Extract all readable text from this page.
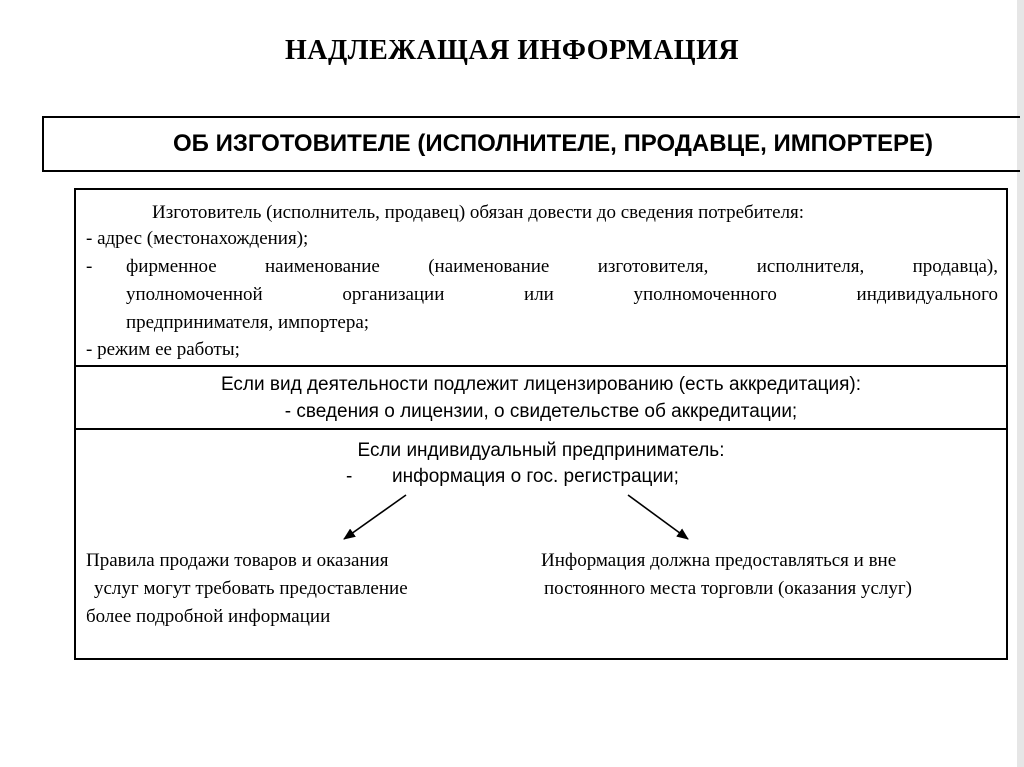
НАДЛЕЖАЩАЯ ИНФОРМАЦИЯ
ОБ ИЗГОТОВИТЕЛЕ (ИСПОЛНИТЕЛЕ, ПРОДАВЦЕ, ИМПОРТЕРЕ)
Изготовитель (исполнитель, продавец) обязан довести до сведения потребителя:
- адрес (местонахождения);
- фирменное наименование (наименование изготовителя, исполнителя, продавца),
уполномоченной организации или уполномоченного индивидуального
предпринимателя, импортера;
- режим ее работы;
Если вид деятельности подлежит лицензированию (есть аккредитация):
- сведения о лицензии, о свидетельстве об аккредитации;
Если индивидуальный предприниматель:
- информация о гос. регистрации;
Правила продажи товаров и оказания
услуг могут требовать предоставление
более подробной информации
Информация должна предоставляться и вне
постоянного места торговли (оказания услуг)
